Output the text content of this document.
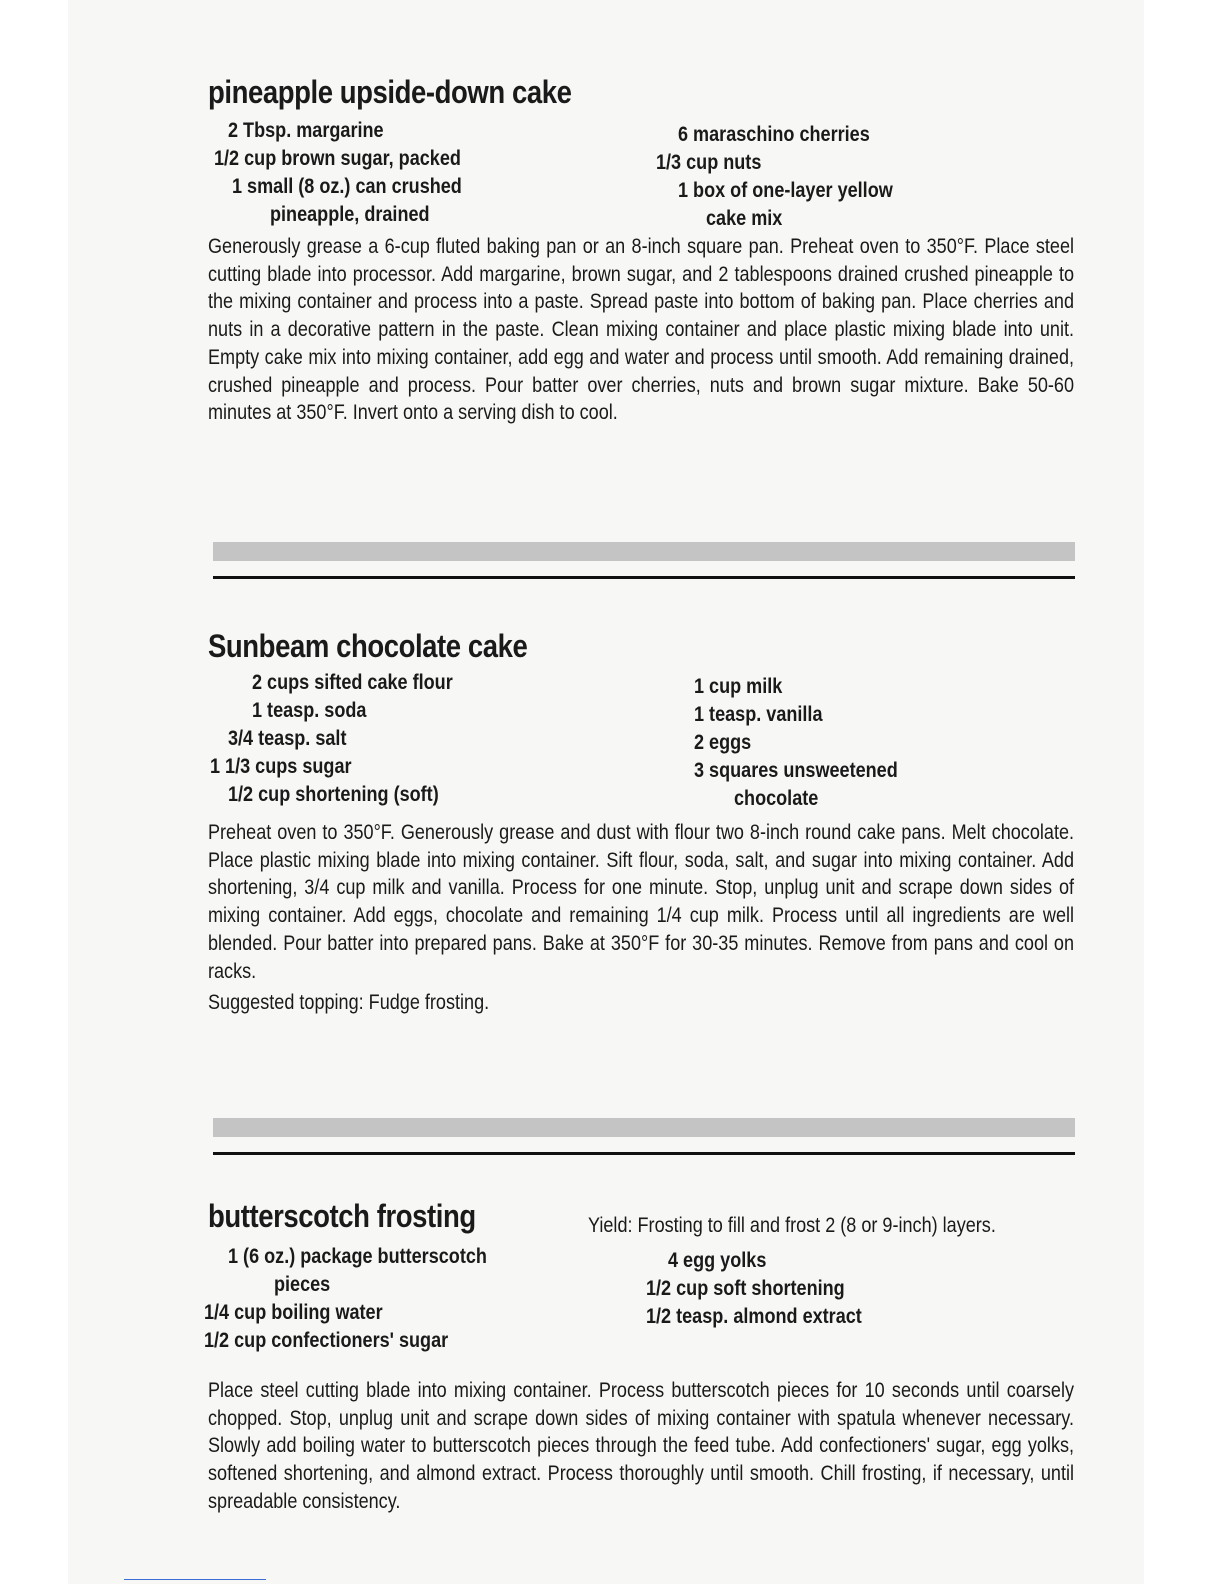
pineapple upside-down cake
2 Tbsp. margarine
1/2 cup brown sugar, packed
1 small (8 oz.) can crushed
pineapple, drained
6 maraschino cherries
1/3 cup nuts
1 box of one-layer yellow
cake mix

Generously grease a 6-cup fluted baking pan or an 8-inch square pan. Preheat oven to 350°F. Place steel cutting blade into processor. Add margarine, brown sugar, and 2 tablespoons drained crushed pineapple to the mixing container and process into a paste. Spread paste into bottom of baking pan. Place cherries and nuts in a decorative pattern in the paste. Clean mixing container and place plastic mixing blade into unit. Empty cake mix into mixing container, add egg and water and process until smooth. Add remaining drained, crushed pineapple and process. Pour batter over cherries, nuts and brown sugar mixture. Bake 50-60 minutes at 350°F. Invert onto a serving dish to cool.

Sunbeam chocolate cake
2 cups sifted cake flour
1 teasp. soda
3/4 teasp. salt
1 1/3 cups sugar
1/2 cup shortening (soft)
1 cup milk
1 teasp. vanilla
2 eggs
3 squares unsweetened
chocolate

Preheat oven to 350°F. Generously grease and dust with flour two 8-inch round cake pans. Melt chocolate. Place plastic mixing blade into mixing container. Sift flour, soda, salt, and sugar into mixing container. Add shortening, 3/4 cup milk and vanilla. Process for one minute. Stop, unplug unit and scrape down sides of mixing container. Add eggs, chocolate and remaining 1/4 cup milk. Process until all ingredients are well blended. Pour batter into prepared pans. Bake at 350°F for 30-35 minutes. Remove from pans and cool on racks.

Suggested topping: Fudge frosting.

butterscotch frosting	Yield: Frosting to fill and frost 2 (8 or 9-inch) layers.
1 (6 oz.) package butterscotch
pieces
1/4 cup boiling water
1/2 cup confectioners' sugar
4 egg yolks
1/2 cup soft shortening
1/2 teasp. almond extract

Place steel cutting blade into mixing container. Process butterscotch pieces for 10 seconds until coarsely chopped. Stop, unplug unit and scrape down sides of mixing container with spatula whenever necessary. Slowly add boiling water to butterscotch pieces through the feed tube. Add confectioners' sugar, egg yolks, softened shortening, and almond extract. Process thoroughly until smooth. Chill frosting, if necessary, until spreadable consistency.
